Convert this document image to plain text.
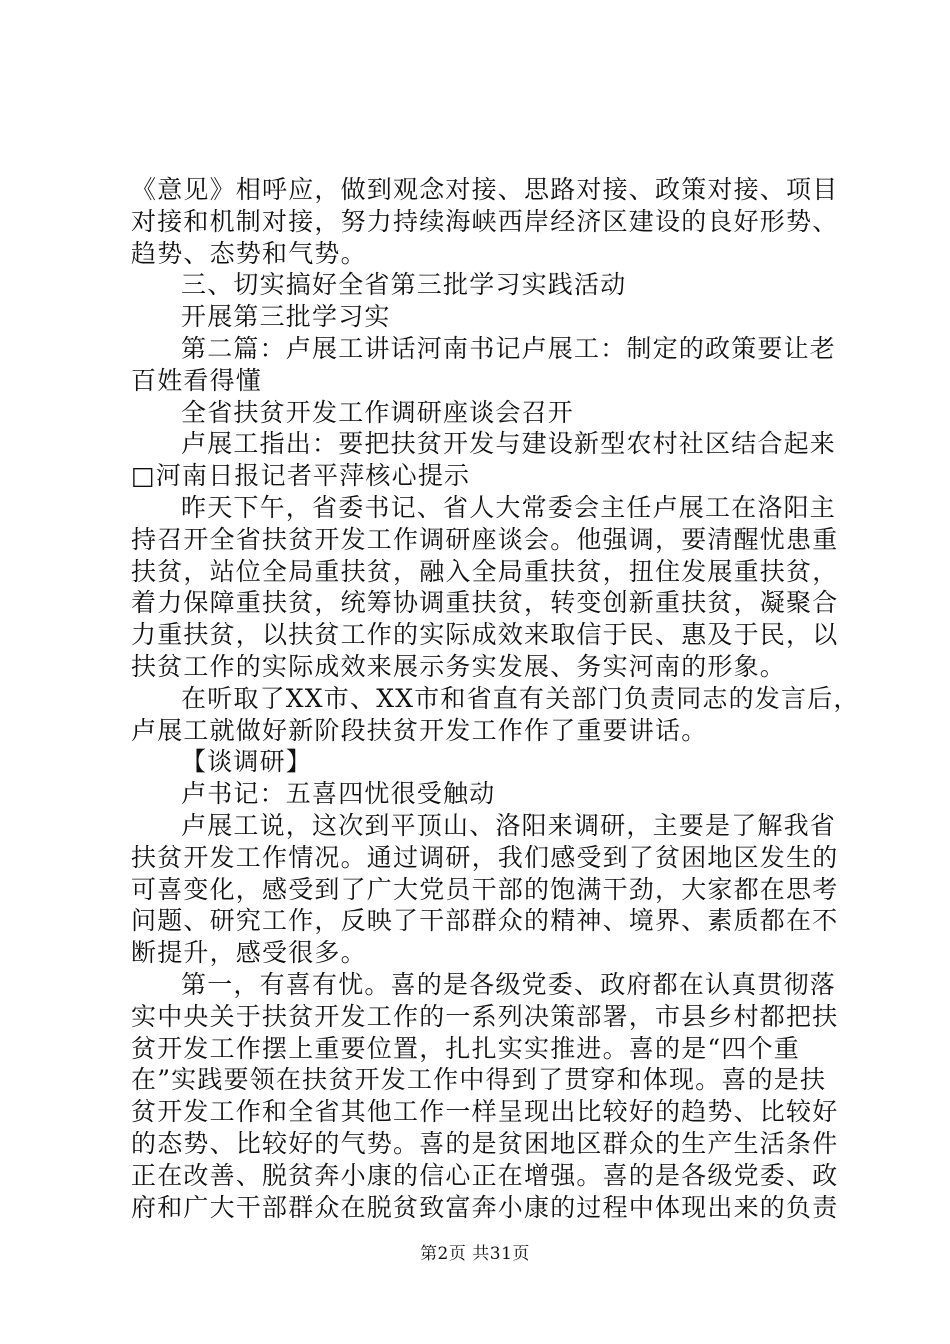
《意见》相呼应，做到观念对接、思路对接、政策对接、项目
对接和机制对接，努力持续海峡西岸经济区建设的良好形势、
趋势、态势和气势。
三、切实搞好全省第三批学习实践活动
开展第三批学习实
第二篇：卢展工讲话河南书记卢展工：制定的政策要让老
百姓看得懂
全省扶贫开发工作调研座谈会召开
卢展工指出：要把扶贫开发与建设新型农村社区结合起来
□河南日报记者平萍核心提示
昨天下午，省委书记、省人大常委会主任卢展工在洛阳主
持召开全省扶贫开发工作调研座谈会。他强调，要清醒忧患重
扶贫，站位全局重扶贫，融入全局重扶贫，扭住发展重扶贫，
着力保障重扶贫，统筹协调重扶贫，转变创新重扶贫，凝聚合
力重扶贫，以扶贫工作的实际成效来取信于民、惠及于民，以
扶贫工作的实际成效来展示务实发展、务实河南的形象。
在听取了XX市、XX市和省直有关部门负责同志的发言后，
卢展工就做好新阶段扶贫开发工作作了重要讲话。
【谈调研】
卢书记：五喜四忧很受触动
卢展工说，这次到平顶山、洛阳来调研，主要是了解我省
扶贫开发工作情况。通过调研，我们感受到了贫困地区发生的
可喜变化，感受到了广大党员干部的饱满干劲，大家都在思考
问题、研究工作，反映了干部群众的精神、境界、素质都在不
断提升，感受很多。
第一，有喜有忧。喜的是各级党委、政府都在认真贯彻落
实中央关于扶贫开发工作的一系列决策部署，市县乡村都把扶
贫开发工作摆上重要位置，扎扎实实推进。喜的是“四个重
在”实践要领在扶贫开发工作中得到了贯穿和体现。喜的是扶
贫开发工作和全省其他工作一样呈现出比较好的趋势、比较好
的态势、比较好的气势。喜的是贫困地区群众的生产生活条件
正在改善、脱贫奔小康的信心正在增强。喜的是各级党委、政
府和广大干部群众在脱贫致富奔小康的过程中体现出来的负责
第2页 共31页
